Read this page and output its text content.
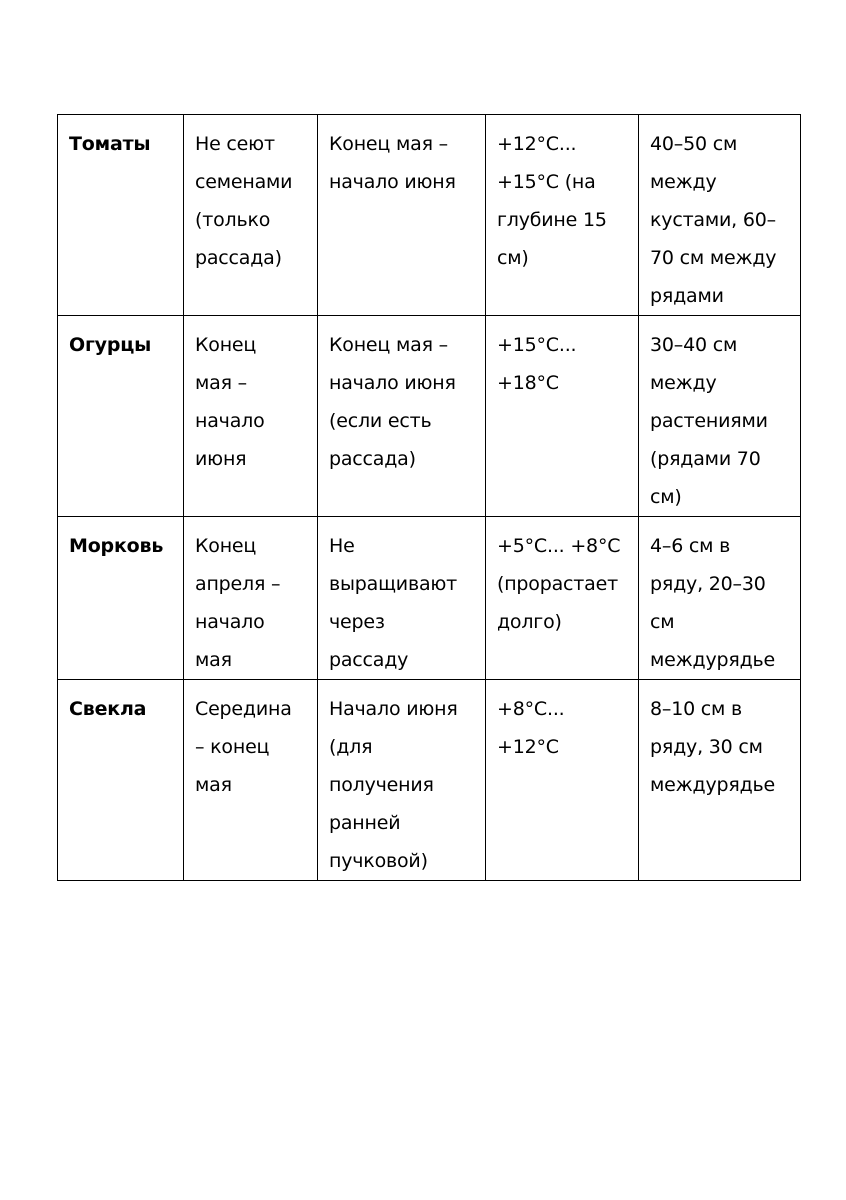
Томаты	Не сеют
семенами
(только
рассада)	Конец мая –
начало июня	+12°С...
+15°С (на
глубине 15
см)	40–50 см
между
кустами, 60–
70 см между
рядами

Огурцы	Конец
мая –
начало
июня	Конец мая –
начало июня
(если есть
рассада)	+15°С...
+18°С	30–40 см
между
растениями
(рядами 70
см)

Морковь	Конец
апреля –
начало
мая	Не
выращивают
через
рассаду	+5°С... +8°С
(прорастает
долго)	4–6 см в
ряду, 20–30
см
междурядье

Свекла	Середина
– конец
мая	Начало июня
(для
получения
ранней
пучковой)	+8°С...
+12°С	8–10 см в
ряду, 30 см
междурядье
